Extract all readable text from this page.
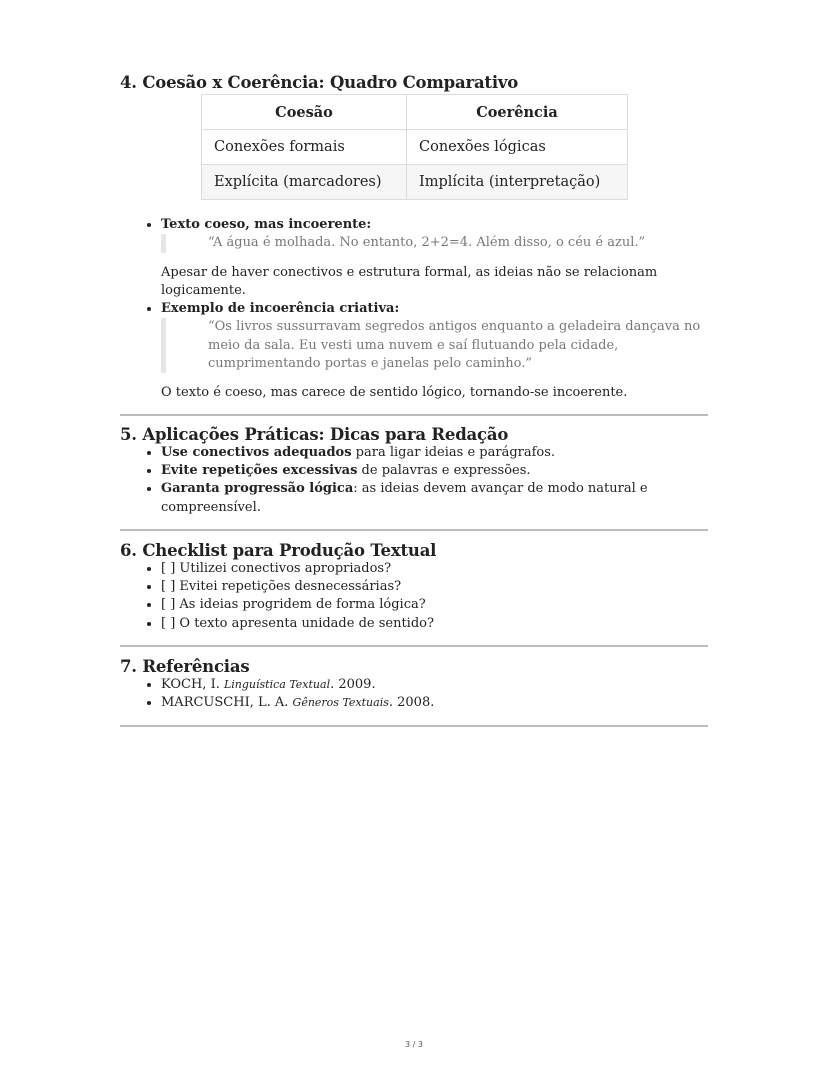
4. Coesão x Coerência: Quadro Comparativo
Coesão	Coerência
Conexões formais	Conexões lógicas
Explícita (marcadores)	Implícita (interpretação)
• Texto coeso, mas incoerente:
“A água é molhada. No entanto, 2+2=4. Além disso, o céu é azul.”
Apesar de haver conectivos e estrutura formal, as ideias não se relacionam logicamente.
• Exemplo de incoerência criativa:
“Os livros sussurravam segredos antigos enquanto a geladeira dançava no meio da sala. Eu vesti uma nuvem e saí flutuando pela cidade, cumprimentando portas e janelas pelo caminho.”
O texto é coeso, mas carece de sentido lógico, tornando-se incoerente.
5. Aplicações Práticas: Dicas para Redação
• Use conectivos adequados para ligar ideias e parágrafos.
• Evite repetições excessivas de palavras e expressões.
• Garanta progressão lógica: as ideias devem avançar de modo natural e compreensível.
6. Checklist para Produção Textual
• [ ] Utilizei conectivos apropriados?
• [ ] Evitei repetições desnecessárias?
• [ ] As ideias progridem de forma lógica?
• [ ] O texto apresenta unidade de sentido?
7. Referências
• KOCH, I. Linguística Textual. 2009.
• MARCUSCHI, L. A. Gêneros Textuais. 2008.
3 / 3
